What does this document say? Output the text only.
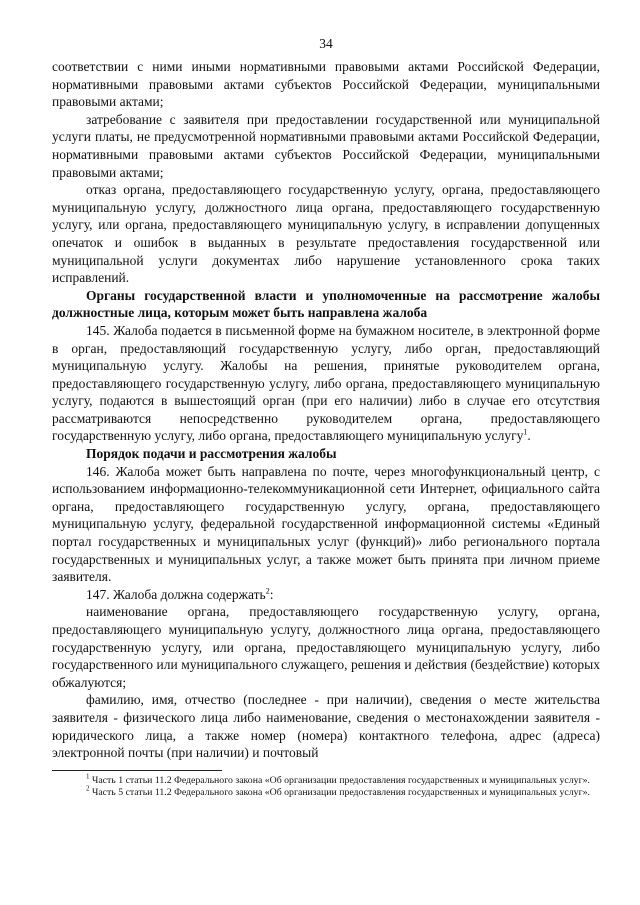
34

соответствии с ними иными нормативными правовыми актами Российской Федерации, нормативными правовыми актами субъектов Российской Федерации, муниципальными правовыми актами;

затребование с заявителя при предоставлении государственной или муниципальной услуги платы, не предусмотренной нормативными правовыми актами Российской Федерации, нормативными правовыми актами субъектов Российской Федерации, муниципальными правовыми актами;

отказ органа, предоставляющего государственную услугу, органа, предоставляющего муниципальную услугу, должностного лица органа, предоставляющего государственную услугу, или органа, предоставляющего муниципальную услугу, в исправлении допущенных опечаток и ошибок в выданных в результате предоставления государственной или муниципальной услуги документах либо нарушение установленного срока таких исправлений.

Органы государственной власти и уполномоченные на рассмотрение жалобы должностные лица, которым может быть направлена жалоба

145. Жалоба подается в письменной форме на бумажном носителе, в электронной форме в орган, предоставляющий государственную услугу, либо орган, предоставляющий муниципальную услугу. Жалобы на решения, принятые руководителем органа, предоставляющего государственную услугу, либо органа, предоставляющего муниципальную услугу, подаются в вышестоящий орган (при его наличии) либо в случае его отсутствия рассматриваются непосредственно руководителем органа, предоставляющего государственную услугу, либо органа, предоставляющего муниципальную услугу$^1$.

Порядок подачи и рассмотрения жалобы

146. Жалоба может быть направлена по почте, через многофункциональный центр, с использованием информационно-телекоммуникационной сети Интернет, официального сайта органа, предоставляющего государственную услугу, органа, предоставляющего муниципальную услугу, федеральной государственной информационной системы «Единый портал государственных и муниципальных услуг (функций)» либо регионального портала государственных и муниципальных услуг, а также может быть принята при личном приеме заявителя.

147. Жалоба должна содержать$^2$:

наименование органа, предоставляющего государственную услугу, органа, предоставляющего муниципальную услугу, должностного лица органа, предоставляющего государственную услугу, или органа, предоставляющего муниципальную услугу, либо государственного или муниципального служащего, решения и действия (бездействие) которых обжалуются;

фамилию, имя, отчество (последнее - при наличии), сведения о месте жительства заявителя - физического лица либо наименование, сведения о местонахождении заявителя - юридического лица, а также номер (номера) контактного телефона, адрес (адреса) электронной почты (при наличии) и почтовый

$^1$ Часть 1 статьи 11.2 Федерального закона «Об организации предоставления государственных и муниципальных услуг».

$^2$ Часть 5 статьи 11.2 Федерального закона «Об организации предоставления государственных и муниципальных услуг».
